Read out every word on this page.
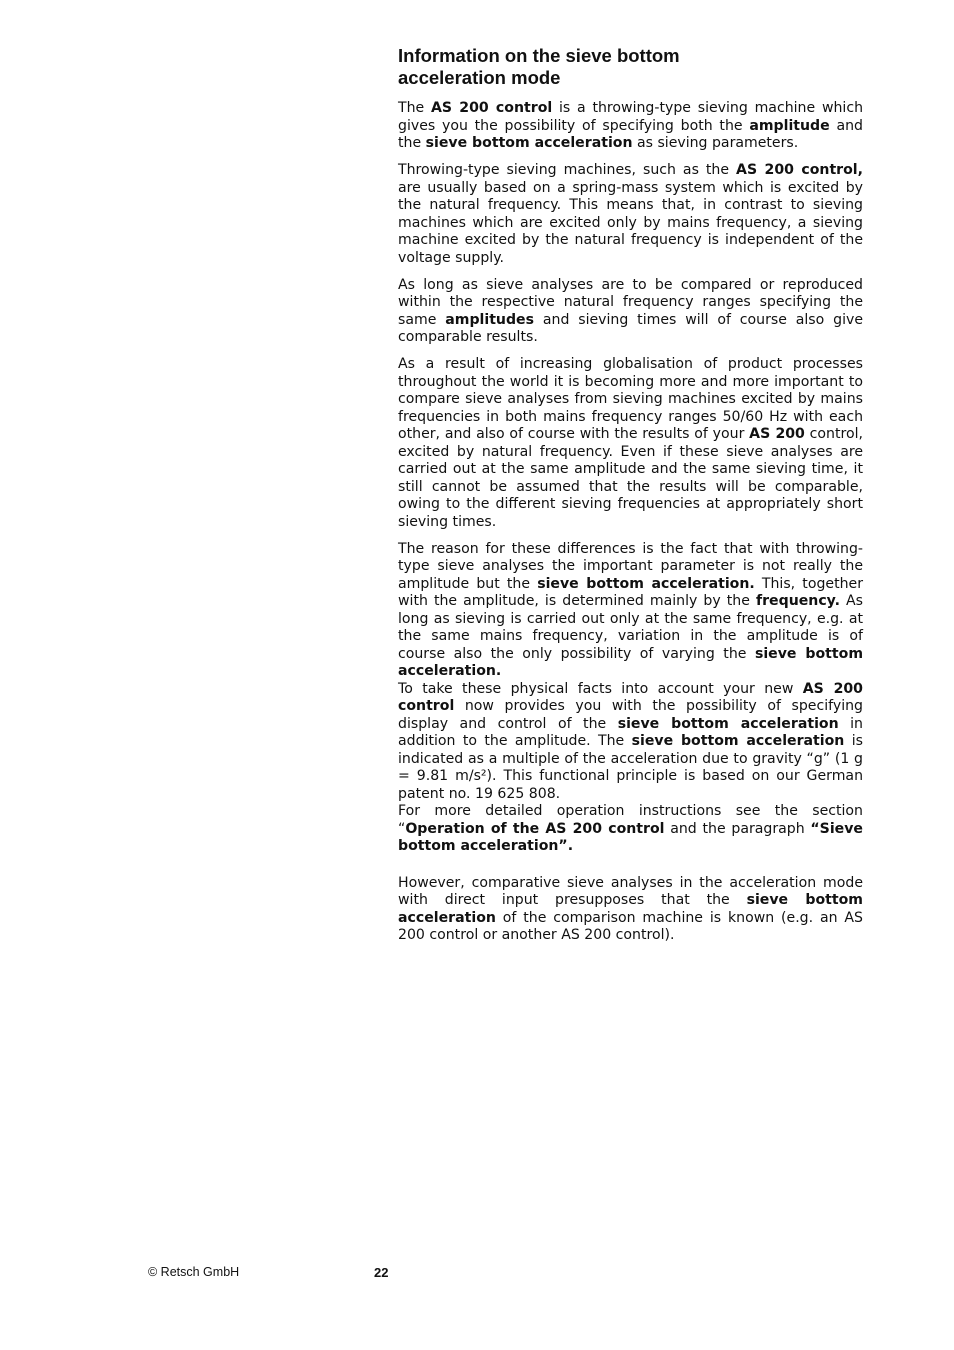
Information on the sieve bottom
acceleration mode

The AS 200 control is a throwing-type sieving machine which gives you the possibility of specifying both the amplitude and the sieve bottom acceleration as sieving parameters.

Throwing-type sieving machines, such as the AS 200 control, are usually based on a spring-mass system which is excited by the natural frequency. This means that, in contrast to sieving machines which are excited only by mains frequency, a sieving machine excited by the natural frequency is independent of the voltage supply.

As long as sieve analyses are to be compared or reproduced within the respective natural frequency ranges specifying the same amplitudes and sieving times will of course also give comparable results.

As a result of increasing globalisation of product processes throughout the world it is becoming more and more important to compare sieve analyses from sieving machines excited by mains frequencies in both mains frequency ranges 50/60 Hz with each other, and also of course with the results of your AS 200 control, excited by natural frequency. Even if these sieve analyses are carried out at the same amplitude and the same sieving time, it still cannot be assumed that the results will be comparable, owing to the different sieving frequencies at appropriately short sieving times.

The reason for these differences is the fact that with throwing-type sieve analyses the important parameter is not really the amplitude but the sieve bottom acceleration. This, together with the amplitude, is determined mainly by the frequency. As long as sieving is carried out only at the same frequency, e.g. at the same mains frequency, variation in the amplitude is of course also the only possibility of varying the sieve bottom acceleration.

To take these physical facts into account your new AS 200 control now provides you with the possibility of specifying display and control of the sieve bottom acceleration in addition to the amplitude. The sieve bottom acceleration is indicated as a multiple of the acceleration due to gravity “g” (1 g = 9.81 m/s²). This functional principle is based on our German patent no. 19 625 808.

For more detailed operation instructions see the section “Operation of the AS 200 control and the paragraph “Sieve bottom acceleration”.

However, comparative sieve analyses in the acceleration mode with direct input presupposes that the sieve bottom acceleration of the comparison machine is known (e.g. an AS 200 control or another AS 200 control).

© Retsch GmbH	22
